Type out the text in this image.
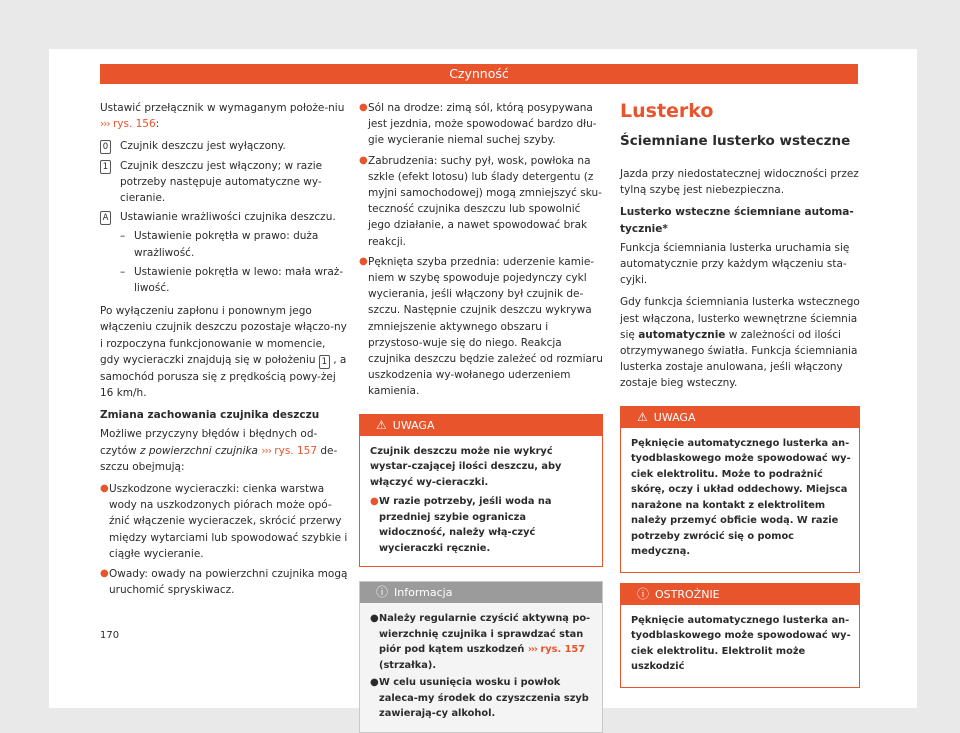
Czynność

Ustawić przełącznik w wymaganym położe-niu ››› rys. 156:

0 Czujnik deszczu jest wyłączony.
1 Czujnik deszczu jest włączony; w razie potrzeby następuje automatyczne wy-cieranie.
A Ustawianie wrażliwości czujnika deszczu.
– Ustawienie pokrętła w prawo: duża wrażliwość.
– Ustawienie pokrętła w lewo: mała wraż-liwość.

Po wyłączeniu zapłonu i ponownym jego włączeniu czujnik deszczu pozostaje włączo-ny i rozpoczyna funkcjonowanie w momencie, gdy wycieraczki znajdują się w położeniu 1 , a samochód porusza się z prędkością powy-żej 16 km/h.

Zmiana zachowania czujnika deszczu

Możliwe przyczyny błędów i błędnych od-czytów z powierzchni czujnika ››› rys. 157 de-szczu obejmują:

● Uszkodzone wycieraczki: cienka warstwa wody na uszkodzonych piórach może opó-źnić włączenie wycieraczek, skrócić przerwy między wytarciami lub spowodować szybkie i ciągłe wycieranie.
● Owady: owady na powierzchni czujnika mogą uruchomić spryskiwacz.
● Sól na drodze: zimą sól, którą posypywana jest jezdnia, może spowodować bardzo dłu-gie wycieranie niemal suchej szyby.
● Zabrudzenia: suchy pył, wosk, powłoka na szkle (efekt lotosu) lub ślady detergentu (z myjni samochodowej) mogą zmniejszyć sku-teczność czujnika deszczu lub spowolnić jego działanie, a nawet spowodować brak reakcji.
● Pęknięta szyba przednia: uderzenie kamie-niem w szybę spowoduje pojedynczy cykl wycierania, jeśli włączony był czujnik de-szczu. Następnie czujnik deszczu wykrywa zmniejszenie aktywnego obszaru i przystoso-wuje się do niego. Reakcja czujnika deszczu będzie zależeć od rozmiaru uszkodzenia wy-wołanego uderzeniem kamienia.
⚠ UWAGA

Czujnik deszczu może nie wykryć wystar-czającej ilości deszczu, aby włączyć wy-cieraczki.

● W razie potrzeby, jeśli woda na przedniej szybie ogranicza widoczność, należy włą-czyć wycieraczki ręcznie.
ⓘ Informacja
● Należy regularnie czyścić aktywną po-wierzchnię czujnika i sprawdzać stan piór pod kątem uszkodzeń ››› rys. 157 (strzałka).
● W celu usunięcia wosku i powłok zaleca-my środek do czyszczenia szyb zawierają-cy alkohol.
Lusterko
Ściemniane lusterko wsteczne

Jazda przy niedostatecznej widoczności przez tylną szybę jest niebezpieczna.

Lusterko wsteczne ściemniane automa-tycznie*

Funkcja ściemniania lusterka uruchamia się automatycznie przy każdym włączeniu sta-cyjki.

Gdy funkcja ściemniania lusterka wstecznego jest włączona, lusterko wewnętrzne ściemnia się automatycznie w zależności od ilości otrzymywanego światła. Funkcja ściemniania lusterka zostaje anulowana, jeśli włączony zostaje bieg wsteczny.

⚠ UWAGA

Pęknięcie automatycznego lusterka an-tyodblaskowego może spowodować wy-ciek elektrolitu. Może to podrażnić skórę, oczy i układ oddechowy. Miejsca narażone na kontakt z elektrolitem należy przemyć obficie wodą. W razie potrzeby zwrócić się o pomoc medyczną.

ⓘ OSTROŻNIE

Pęknięcie automatycznego lusterka an-tyodblaskowego może spowodować wy-ciek elektrolitu. Elektrolit może uszkodzić

170
